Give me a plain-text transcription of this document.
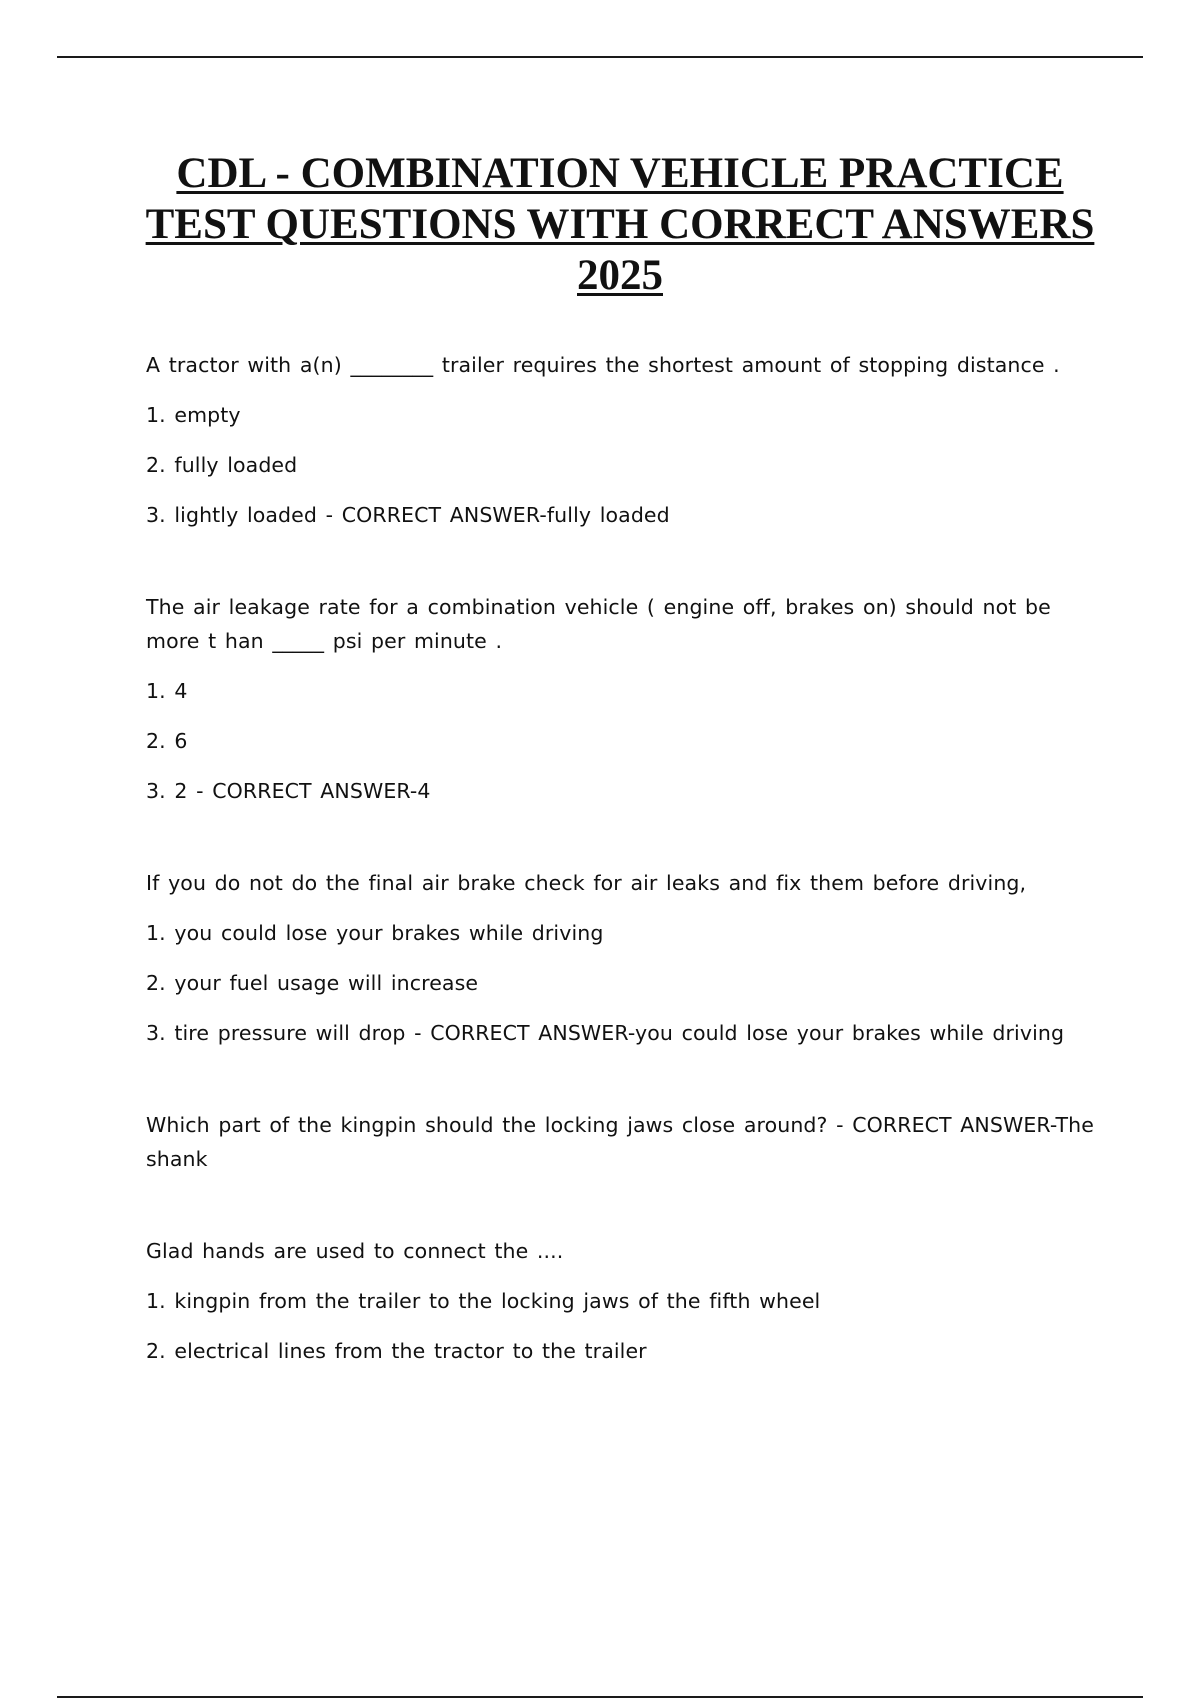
CDL - COMBINATION VEHICLE PRACTICE TEST QUESTIONS WITH CORRECT ANSWERS 2025

A tractor with a(n) ________ trailer requires the shortest amount of stopping distance .

1. empty

2. fully loaded

3. lightly loaded - CORRECT ANSWER-fully loaded

The air leakage rate for a combination vehicle ( engine off, brakes on) should not be more t han _____ psi per minute .

1. 4

2. 6

3. 2 - CORRECT ANSWER-4

If you do not do the final air brake check for air leaks and fix them before driving,

1. you could lose your brakes while driving

2. your fuel usage will increase

3. tire pressure will drop - CORRECT ANSWER-you could lose your brakes while driving

Which part of the kingpin should the locking jaws close around? - CORRECT ANSWER-The shank

Glad hands are used to connect the ....

1. kingpin from the trailer to the locking jaws of the fifth wheel

2. electrical lines from the tractor to the trailer
